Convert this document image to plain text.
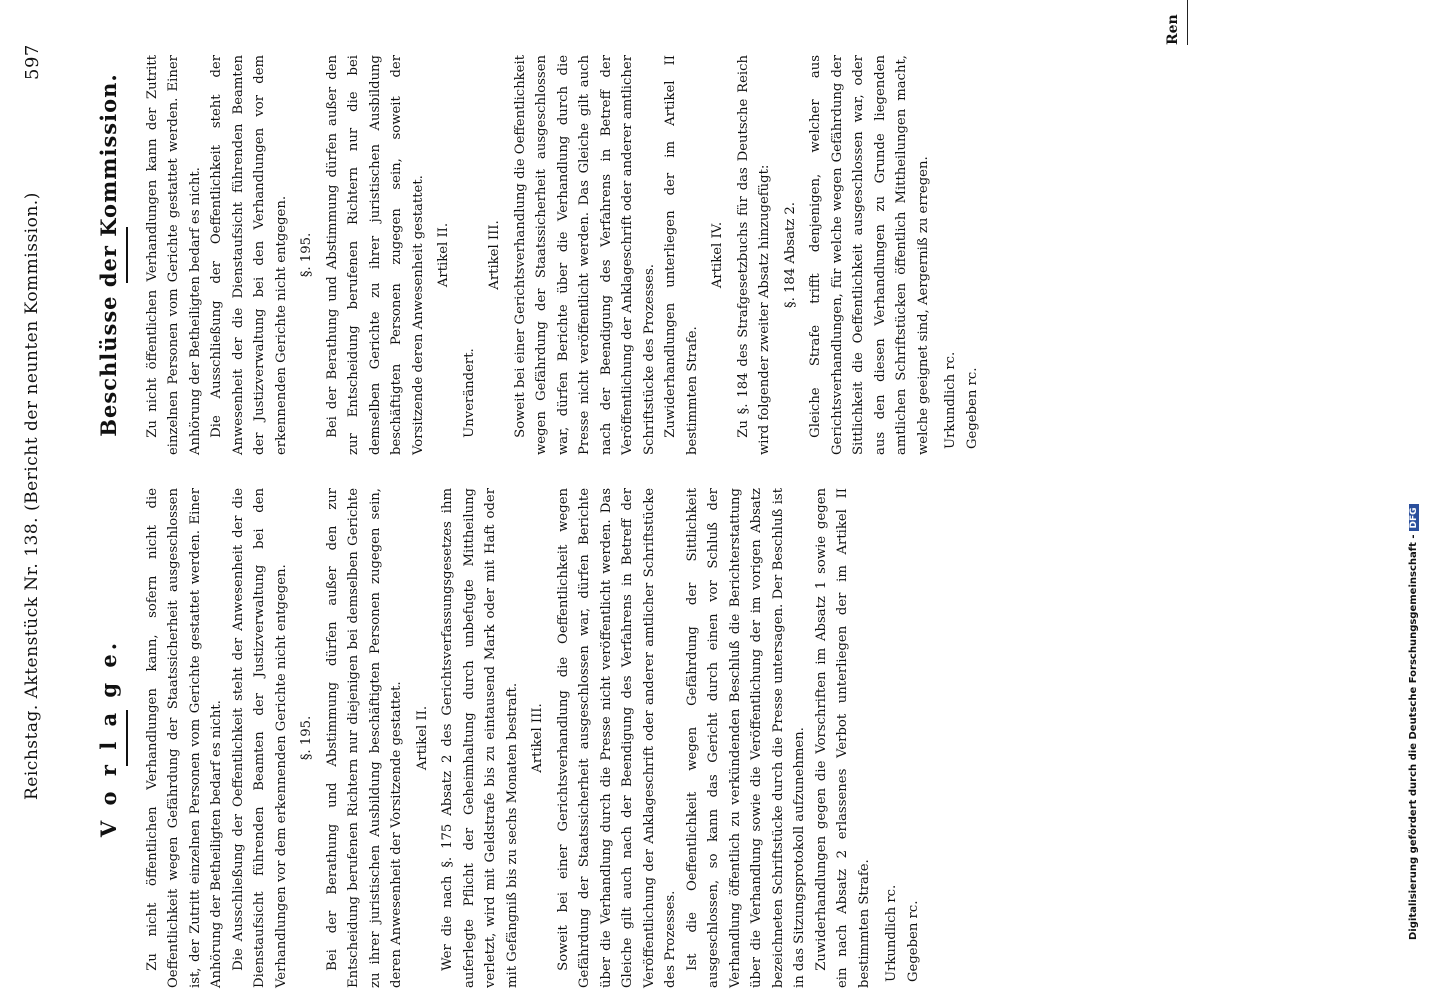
Reichstag. Aktenstück Nr. 138. (Bericht der neunten Kommission.)
597
V o r l a g e. Zu nicht öffentlichen Verhandlungen kann, sofern nicht die Oeffentlichkeit wegen Gefährdung der Staatssicherheit ausgeschlossen ist, der Zutritt einzelnen Personen vom Gerichte gestattet werden. Einer Anhörung der Betheiligten bedarf es nicht. Die Ausschließung der Oeffentlichkeit steht der Anwesenheit der die Dienstaufsicht führenden Beamten der Justizverwaltung bei den Verhandlungen vor dem erkennenden Gerichte nicht entgegen. §. 195. Bei der Berathung und Abstimmung dürfen außer den zur Entscheidung berufenen Richtern nur diejenigen bei demselben Gerichte zu ihrer juristischen Ausbildung beschäftigten Personen zugegen sein, deren Anwesenheit der Vorsitzende gestattet. Artikel II. Wer die nach §. 175 Absatz 2 des Gerichtsverfassungsgesetzes ihm auferlegte Pflicht der Geheimhaltung durch unbefugte Mittheilung verletzt, wird mit Geldstrafe bis zu eintausend Mark oder mit Haft oder mit Gefängniß bis zu sechs Monaten bestraft. Artikel III. Soweit bei einer Gerichtsverhandlung die Oeffentlichkeit wegen Gefährdung der Staatssicherheit ausgeschlossen war, dürfen Berichte über die Verhandlung durch die Presse nicht veröffentlicht werden. Das Gleiche gilt auch nach der Beendigung des Verfahrens in Betreff der Veröffentlichung der Anklageschrift oder anderer amtlicher Schriftstücke des Prozesses. Ist die Oeffentlichkeit wegen Gefährdung der Sittlichkeit ausgeschlossen, so kann das Gericht durch einen vor Schluß der Verhandlung öffentlich zu verkündenden Beschluß die Berichterstattung über die Verhandlung sowie die Veröffentlichung der im vorigen Absatz bezeichneten Schriftstücke durch die Presse untersagen. Der Beschluß ist in das Sitzungsprotokoll aufzunehmen. Zuwiderhandlungen gegen die Vorschriften im Absatz 1 sowie gegen ein nach Absatz 2 erlassenes Verbot unterliegen der im Artikel II bestimmten Strafe. Urkundlich rc. Gegeben rc.

Beschlüsse der Kommission. Zu nicht öffentlichen Verhandlungen kann der Zutritt einzelnen Personen vom Gerichte gestattet werden. Einer Anhörung der Betheiligten bedarf es nicht. Die Ausschließung der Oeffentlichkeit steht der Anwesenheit der die Dienstaufsicht führenden Beamten der Justizverwaltung bei den Verhandlungen vor dem erkennenden Gerichte nicht entgegen. §. 195. Bei der Berathung und Abstimmung dürfen außer den zur Entscheidung berufenen Richtern nur die bei demselben Gerichte zu ihrer juristischen Ausbildung beschäftigten Personen zugegen sein, soweit der Vorsitzende deren Anwesenheit gestattet. Artikel II.

Unverändert.

Artikel III. Soweit bei einer Gerichtsverhandlung die Oeffentlichkeit wegen Gefährdung der Staatssicherheit ausgeschlossen war, dürfen Berichte über die Verhandlung durch die Presse nicht veröffentlicht werden. Das Gleiche gilt auch nach der Beendigung des Verfahrens in Betreff der Veröffentlichung der Anklageschrift oder anderer amtlicher Schriftstücke des Prozesses. Zuwiderhandlungen unterliegen der im Artikel II bestimmten Strafe.

Artikel IV. Zu §. 184 des Strafgesetzbuchs für das Deutsche Reich wird folgender zweiter Absatz hinzugefügt: §. 184 Absatz 2. Gleiche Strafe trifft denjenigen, welcher aus Gerichtsverhandlungen, für welche wegen Gefährdung der Sittlichkeit die Oeffentlichkeit ausgeschlossen war, oder aus den diesen Verhandlungen zu Grunde liegenden amtlichen Schriftstücken öffentlich Mittheilungen macht, welche geeignet sind, Aergerniß zu erregen. Urkundlich rc. Gegeben rc.

Ren
Digitalisierung gefördert durch die Deutsche Forschungsgemeinschaft -DFG
